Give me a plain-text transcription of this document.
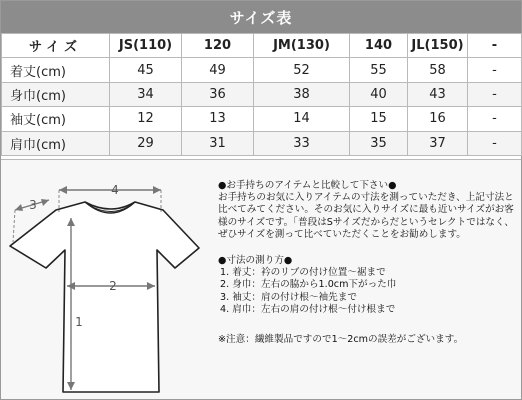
サイズ表
サイズ	JS(110)	120	JM(130)	140	JL(150)	-
着丈(cm)	45	49	52	55	58	-
身巾(cm)	34	36	38	40	43	-
袖丈(cm)	12	13	14	15	16	-
肩巾(cm)	29	31	33	35	37	-
4
3
2
1
●お手持ちのアイテムと比較して下さい●
お手持ちのお気に入りアイテムの寸法を測っていただき、上記寸法と比べてみてください。そのお気に入りサイズに最も近いサイズがお客様のサイズです。「普段はSサイズだからだというセレクトではなく、ぜひサイズを測って比べていただくことをお勧めします。
●寸法の測り方●
1. 着丈：衿のリブの付け位置～裾まで
2. 身巾：左右の脇から1.0cm下がった巾
3. 袖丈：肩の付け根～袖先まで
4. 肩巾：左右の肩の付け根～付け根まで
※注意：繊維製品ですので1～2cmの誤差がございます。
